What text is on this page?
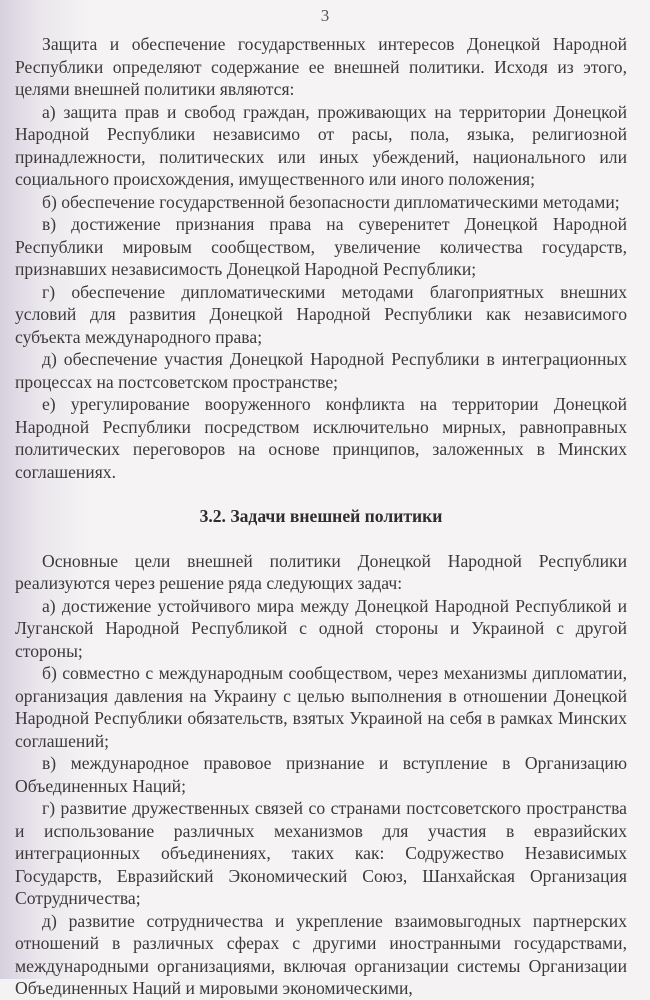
3

Защита и обеспечение государственных интересов Донецкой Народной Республики определяют содержание ее внешней политики. Исходя из этого, целями внешней политики являются:

а) защита прав и свобод граждан, проживающих на территории Донецкой Народной Республики независимо от расы, пола, языка, религиозной принадлежности, политических или иных убеждений, национального или социального происхождения, имущественного или иного положения;

б) обеспечение государственной безопасности дипломатическими методами;

в) достижение признания права на суверенитет Донецкой Народной Республики мировым сообществом, увеличение количества государств, признавших независимость Донецкой Народной Республики;

г) обеспечение дипломатическими методами благоприятных внешних условий для развития Донецкой Народной Республики как независимого субъекта международного права;

д) обеспечение участия Донецкой Народной Республики в интеграционных процессах на постсоветском пространстве;

е) урегулирование вооруженного конфликта на территории Донецкой Народной Республики посредством исключительно мирных, равноправных политических переговоров на основе принципов, заложенных в Минских соглашениях.

3.2. Задачи внешней политики

Основные цели внешней политики Донецкой Народной Республики реализуются через решение ряда следующих задач:

а) достижение устойчивого мира между Донецкой Народной Республикой и Луганской Народной Республикой с одной стороны и Украиной с другой стороны;

б) совместно с международным сообществом, через механизмы дипломатии, организация давления на Украину с целью выполнения в отношении Донецкой Народной Республики обязательств, взятых Украиной на себя в рамках Минских соглашений;

в) международное правовое признание и вступление в Организацию Объединенных Наций;

г) развитие дружественных связей со странами постсоветского пространства и использование различных механизмов для участия в евразийских интеграционных объединениях, таких как: Содружество Независимых Государств, Евразийский Экономический Союз, Шанхайская Организация Сотрудничества;

д) развитие сотрудничества и укрепление взаимовыгодных партнерских отношений в различных сферах с другими иностранными государствами, международными организациями, включая организации системы Организации Объединенных Наций и мировыми экономическими,
